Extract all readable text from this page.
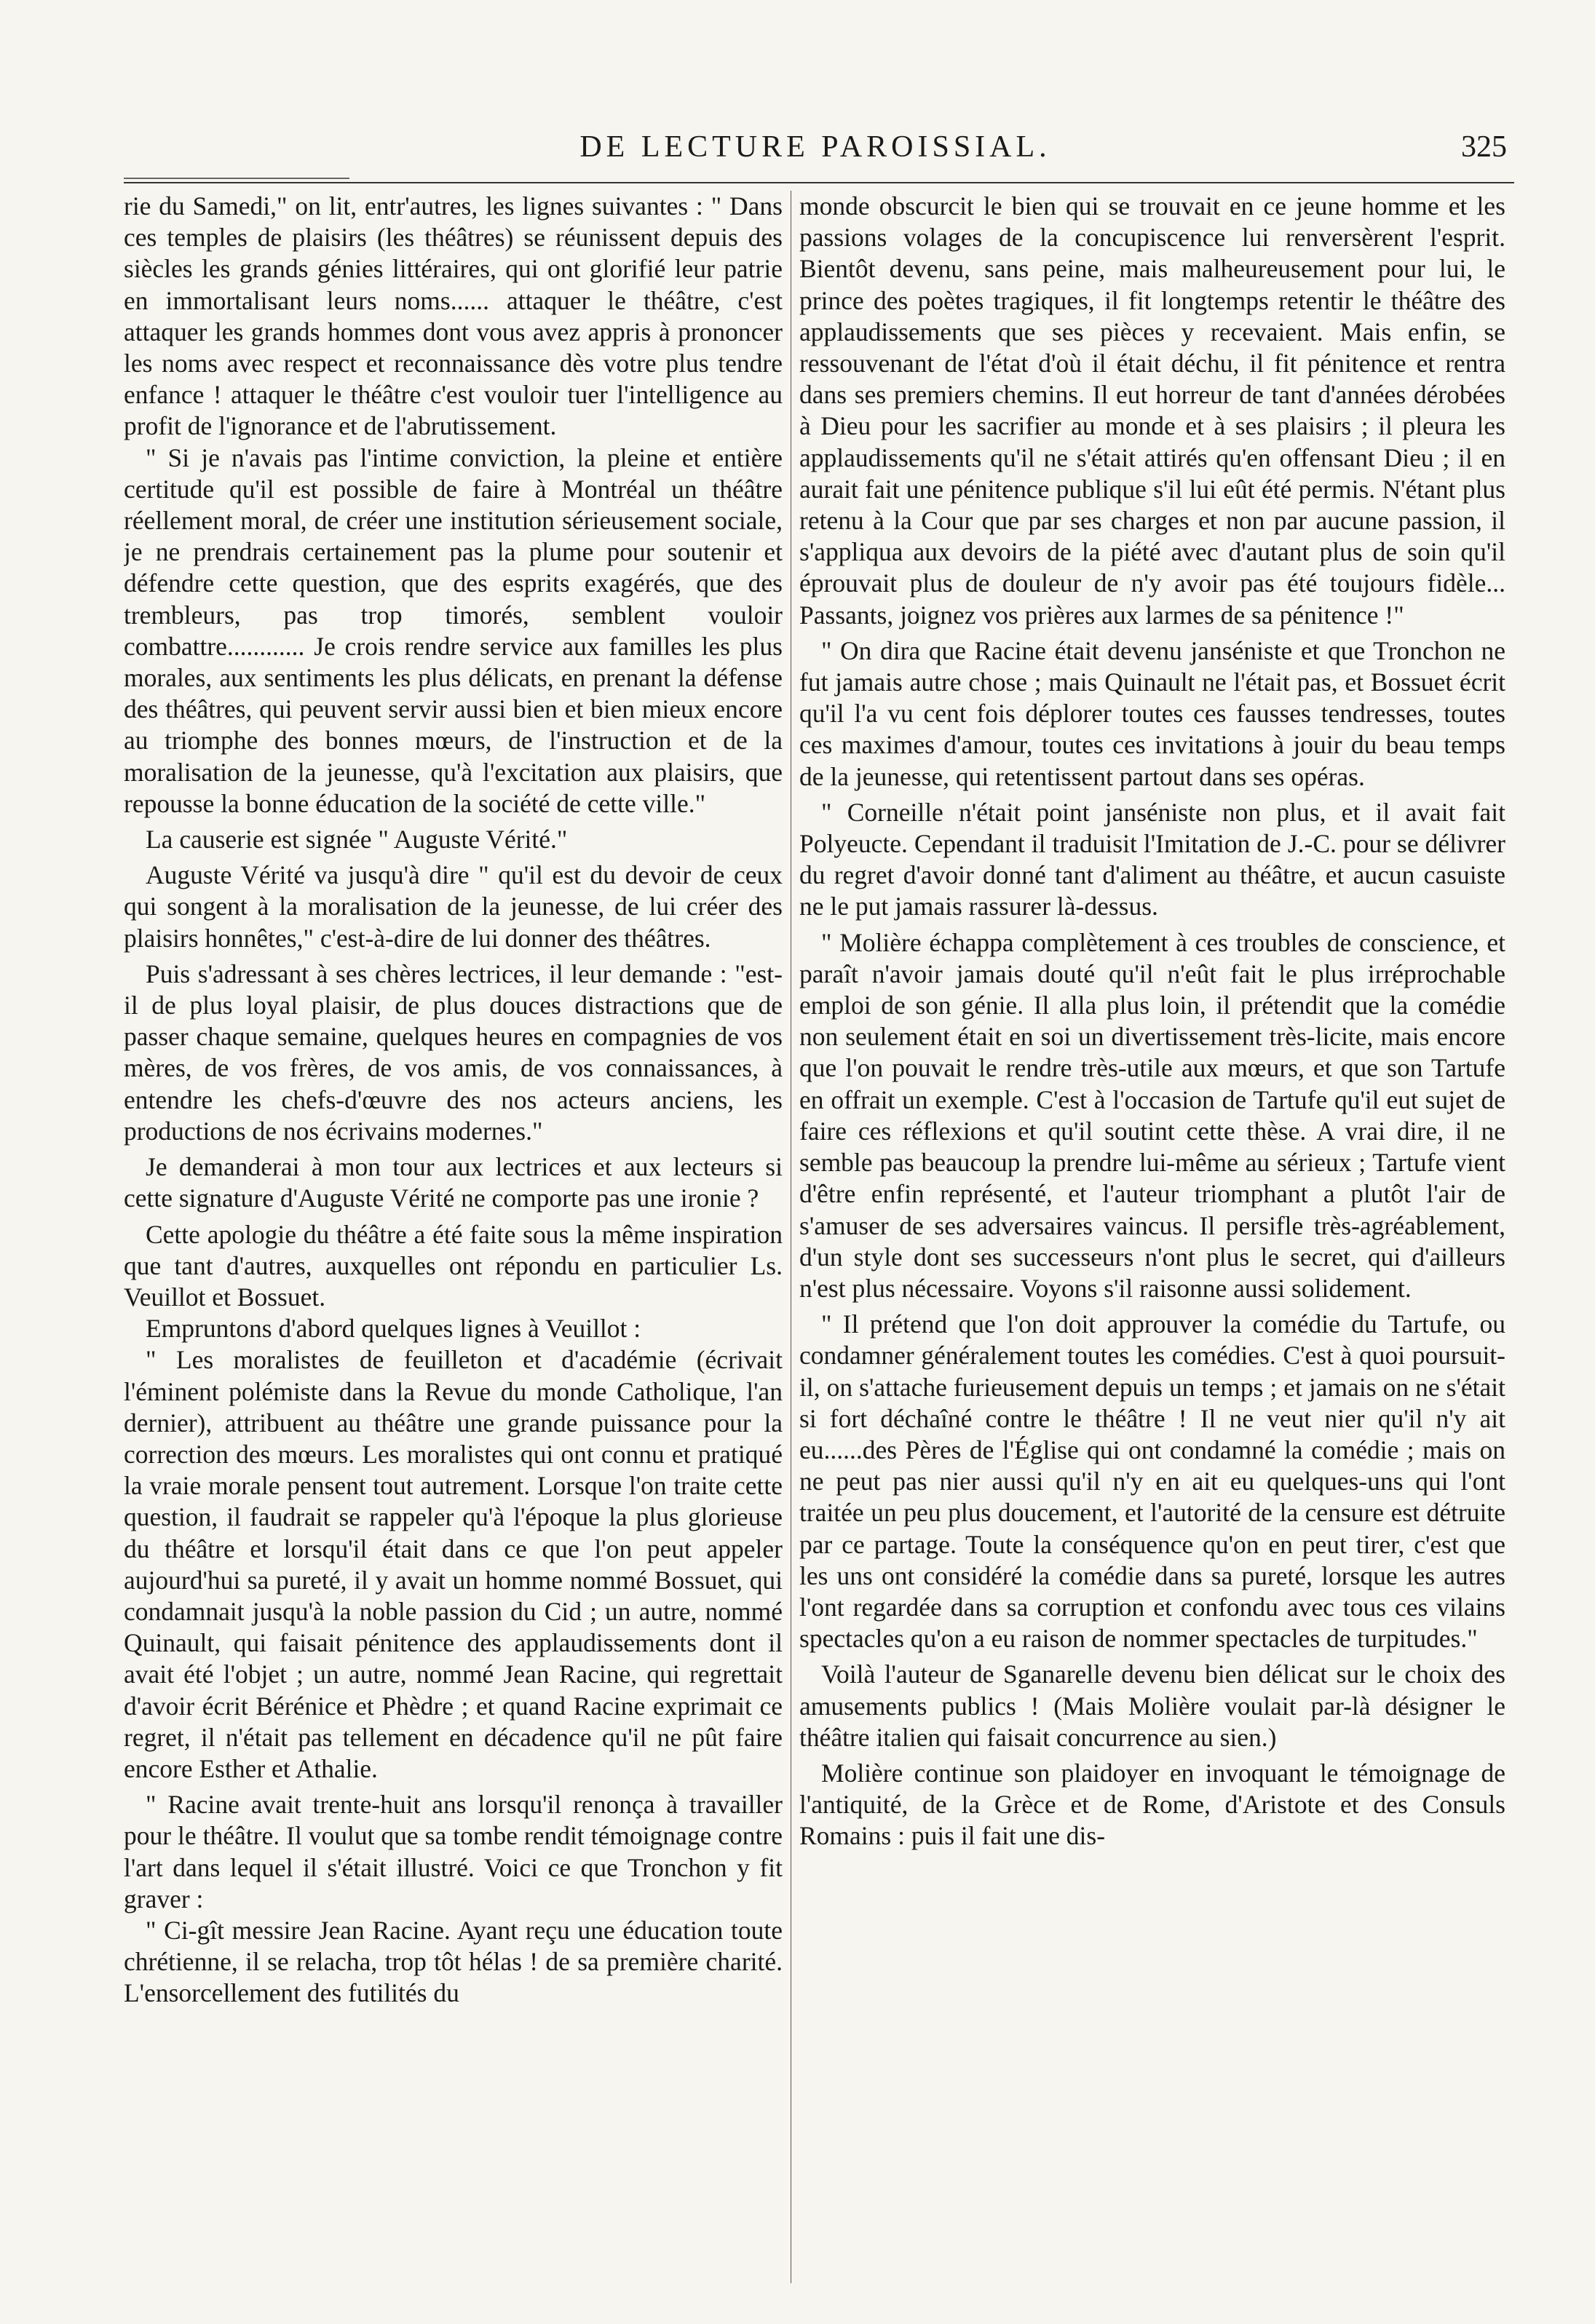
DE LECTURE PAROISSIAL.	325

rie du Samedi," on lit, entr'autres, les lignes suivantes : " Dans ces temples de plaisirs (les théâtres) se réunissent depuis des siècles les grands génies littéraires, qui ont glorifié leur patrie en immortalisant leurs noms...... attaquer le théâtre, c'est attaquer les grands hommes dont vous avez appris à prononcer les noms avec respect et reconnaissance dès votre plus tendre enfance ! attaquer le théâtre c'est vouloir tuer l'intelligence au profit de l'ignorance et de l'abrutissement.

" Si je n'avais pas l'intime conviction, la pleine et entière certitude qu'il est possible de faire à Montréal un théâtre réellement moral, de créer une institution sérieusement sociale, je ne prendrais certainement pas la plume pour soutenir et défendre cette question, que des esprits exagérés, que des trembleurs, pas trop timorés, semblent vouloir combattre............ Je crois rendre service aux familles les plus morales, aux sentiments les plus délicats, en prenant la défense des théâtres, qui peuvent servir aussi bien et bien mieux encore au triomphe des bonnes mœurs, de l'instruction et de la moralisation de la jeunesse, qu'à l'excitation aux plaisirs, que repousse la bonne éducation de la société de cette ville."

La causerie est signée " Auguste Vérité."

Auguste Vérité va jusqu'à dire " qu'il est du devoir de ceux qui songent à la moralisation de la jeunesse, de lui créer des plaisirs honnêtes," c'est-à-dire de lui donner des théâtres.

Puis s'adressant à ses chères lectrices, il leur demande : "est-il de plus loyal plaisir, de plus douces distractions que de passer chaque semaine, quelques heures en compagnies de vos mères, de vos frères, de vos amis, de vos connaissances, à entendre les chefs-d'œuvre des nos acteurs anciens, les productions de nos écrivains modernes."

Je demanderai à mon tour aux lectrices et aux lecteurs si cette signature d'Auguste Vérité ne comporte pas une ironie ?

Cette apologie du théâtre a été faite sous la même inspiration que tant d'autres, auxquelles ont répondu en particulier Ls. Veuillot et Bossuet.

Empruntons d'abord quelques lignes à Veuillot :

" Les moralistes de feuilleton et d'académie (écrivait l'éminent polémiste dans la Revue du monde Catholique, l'an dernier), attribuent au théâtre une grande puissance pour la correction des mœurs. Les moralistes qui ont connu et pratiqué la vraie morale pensent tout autrement. Lorsque l'on traite cette question, il faudrait se rappeler qu'à l'époque la plus glorieuse du théâtre et lorsqu'il était dans ce que l'on peut appeler aujourd'hui sa pureté, il y avait un homme nommé Bossuet, qui condamnait jusqu'à la noble passion du Cid ; un autre, nommé Quinault, qui faisait pénitence des applaudissements dont il avait été l'objet ; un autre, nommé Jean Racine, qui regrettait d'avoir écrit Bérénice et Phèdre ; et quand Racine exprimait ce regret, il n'était pas tellement en décadence qu'il ne pût faire encore Esther et Athalie.

" Racine avait trente-huit ans lorsqu'il renonça à travailler pour le théâtre. Il voulut que sa tombe rendit témoignage contre l'art dans lequel il s'était illustré. Voici ce que Tronchon y fit graver :

" Ci-gît messire Jean Racine. Ayant reçu une éducation toute chrétienne, il se relacha, trop tôt hélas ! de sa première charité. L'ensorcellement des futilités du

monde obscurcit le bien qui se trouvait en ce jeune homme et les passions volages de la concupiscence lui renversèrent l'esprit. Bientôt devenu, sans peine, mais malheureusement pour lui, le prince des poètes tragiques, il fit longtemps retentir le théâtre des applaudissements que ses pièces y recevaient. Mais enfin, se ressouvenant de l'état d'où il était déchu, il fit pénitence et rentra dans ses premiers chemins. Il eut horreur de tant d'années dérobées à Dieu pour les sacrifier au monde et à ses plaisirs ; il pleura les applaudissements qu'il ne s'était attirés qu'en offensant Dieu ; il en aurait fait une pénitence publique s'il lui eût été permis. N'étant plus retenu à la Cour que par ses charges et non par aucune passion, il s'appliqua aux devoirs de la piété avec d'autant plus de soin qu'il éprouvait plus de douleur de n'y avoir pas été toujours fidèle... Passants, joignez vos prières aux larmes de sa pénitence !"

" On dira que Racine était devenu janséniste et que Tronchon ne fut jamais autre chose ; mais Quinault ne l'était pas, et Bossuet écrit qu'il l'a vu cent fois déplorer toutes ces fausses tendresses, toutes ces maximes d'amour, toutes ces invitations à jouir du beau temps de la jeunesse, qui retentissent partout dans ses opéras.

" Corneille n'était point janséniste non plus, et il avait fait Polyeucte. Cependant il traduisit l'Imitation de J.-C. pour se délivrer du regret d'avoir donné tant d'aliment au théâtre, et aucun casuiste ne le put jamais rassurer là-dessus.

" Molière échappa complètement à ces troubles de conscience, et paraît n'avoir jamais douté qu'il n'eût fait le plus irréprochable emploi de son génie. Il alla plus loin, il prétendit que la comédie non seulement était en soi un divertissement très-licite, mais encore que l'on pouvait le rendre très-utile aux mœurs, et que son Tartufe en offrait un exemple. C'est à l'occasion de Tartufe qu'il eut sujet de faire ces réflexions et qu'il soutint cette thèse. A vrai dire, il ne semble pas beaucoup la prendre lui-même au sérieux ; Tartufe vient d'être enfin représenté, et l'auteur triomphant a plutôt l'air de s'amuser de ses adversaires vaincus. Il persifle très-agréablement, d'un style dont ses successeurs n'ont plus le secret, qui d'ailleurs n'est plus nécessaire. Voyons s'il raisonne aussi solidement.

" Il prétend que l'on doit approuver la comédie du Tartufe, ou condamner généralement toutes les comédies. C'est à quoi poursuit-il, on s'attache furieusement depuis un temps ; et jamais on ne s'était si fort déchaîné contre le théâtre ! Il ne veut nier qu'il n'y ait eu......des Pères de l'Église qui ont condamné la comédie ; mais on ne peut pas nier aussi qu'il n'y en ait eu quelques-uns qui l'ont traitée un peu plus doucement, et l'autorité de la censure est détruite par ce partage. Toute la conséquence qu'on en peut tirer, c'est que les uns ont considéré la comédie dans sa pureté, lorsque les autres l'ont regardée dans sa corruption et confondu avec tous ces vilains spectacles qu'on a eu raison de nommer spectacles de turpitudes."

Voilà l'auteur de Sganarelle devenu bien délicat sur le choix des amusements publics ! (Mais Molière voulait par-là désigner le théâtre italien qui faisait concurrence au sien.)

Molière continue son plaidoyer en invoquant le témoignage de l'antiquité, de la Grèce et de Rome, d'Aristote et des Consuls Romains : puis il fait une dis-
